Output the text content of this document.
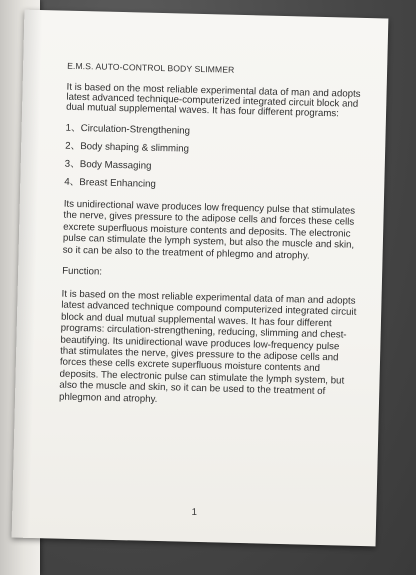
E.M.S. AUTO-CONTROL BODY SLIMMER

It is based on the most reliable experimental data of man and adopts latest advanced technique-computerized integrated circuit block and dual mutual supplemental waves. It has four different programs:

1、Circulation-Strengthening
2、Body shaping & slimming
3、Body Massaging
4、Breast Enhancing

Its unidirectional wave produces low frequency pulse that stimulates the nerve, gives pressure to the adipose cells and forces these cells excrete superfluous moisture contents and deposits. The electronic pulse can stimulate the lymph system, but also the muscle and skin, so it can be also to the treatment of phlegmo and atrophy.

Function:

It is based on the most reliable experimental data of man and adopts latest advanced technique compound computerized integrated circuit block and dual mutual supplemental waves. It has four different programs: circulation-strengthening, reducing, slimming and chest-beautifying. Its unidirectional wave produces low-frequency pulse that stimulates the nerve, gives pressure to the adipose cells and forces these cells excrete superfluous moisture contents and deposits. The electronic pulse can stimulate the lymph system, but also the muscle and skin, so it can be used to the treatment of phlegmon and atrophy.

1
